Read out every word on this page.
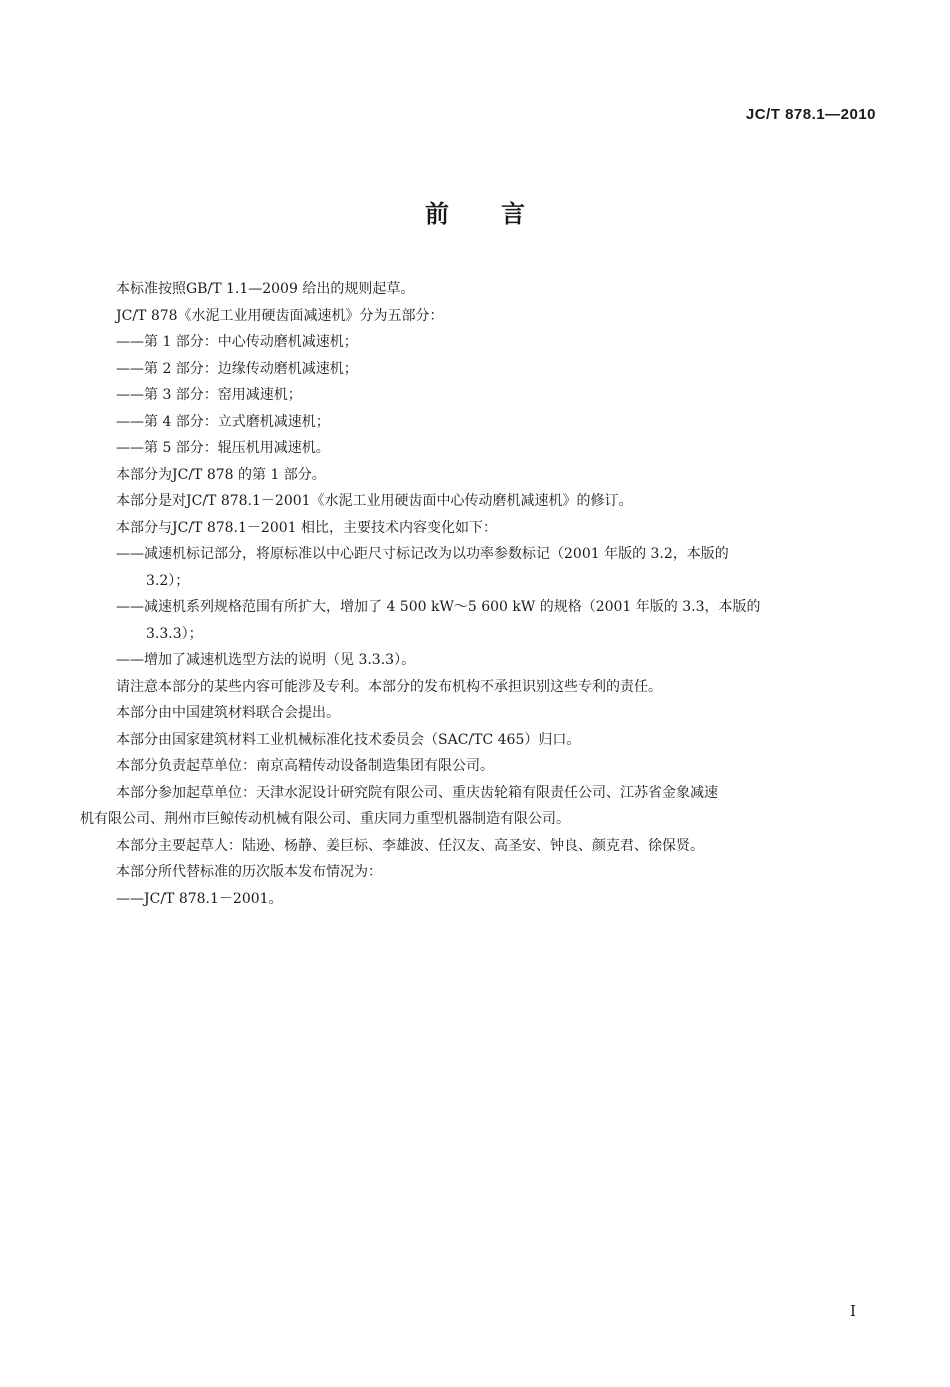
JC/T 878.1—2010
前 言
本标准按照GB/T 1.1—2009 给出的规则起草。
JC/T 878《水泥工业用硬齿面减速机》分为五部分：
——第 1 部分：中心传动磨机减速机；
——第 2 部分：边缘传动磨机减速机；
——第 3 部分：窑用减速机；
——第 4 部分：立式磨机减速机；
——第 5 部分：辊压机用减速机。
本部分为JC/T 878 的第 1 部分。
本部分是对JC/T 878.1－2001《水泥工业用硬齿面中心传动磨机减速机》的修订。
本部分与JC/T 878.1－2001 相比，主要技术内容变化如下：
——减速机标记部分，将原标准以中心距尺寸标记改为以功率参数标记（2001 年版的 3.2，本版的
3.2）；
——减速机系列规格范围有所扩大，增加了 4 500 kW～5 600 kW 的规格（2001 年版的 3.3，本版的
3.3.3）；
——增加了减速机选型方法的说明（见 3.3.3）。
请注意本部分的某些内容可能涉及专利。本部分的发布机构不承担识别这些专利的责任。
本部分由中国建筑材料联合会提出。
本部分由国家建筑材料工业机械标准化技术委员会（SAC/TC 465）归口。
本部分负责起草单位：南京高精传动设备制造集团有限公司。
本部分参加起草单位：天津水泥设计研究院有限公司、重庆齿轮箱有限责任公司、江苏省金象减速
机有限公司、荆州市巨鲸传动机械有限公司、重庆同力重型机器制造有限公司。
本部分主要起草人：陆逊、杨静、姜巨标、李雄波、任汉友、高圣安、钟良、颜克君、徐保贤。
本部分所代替标准的历次版本发布情况为：
——JC/T 878.1－2001。
I
